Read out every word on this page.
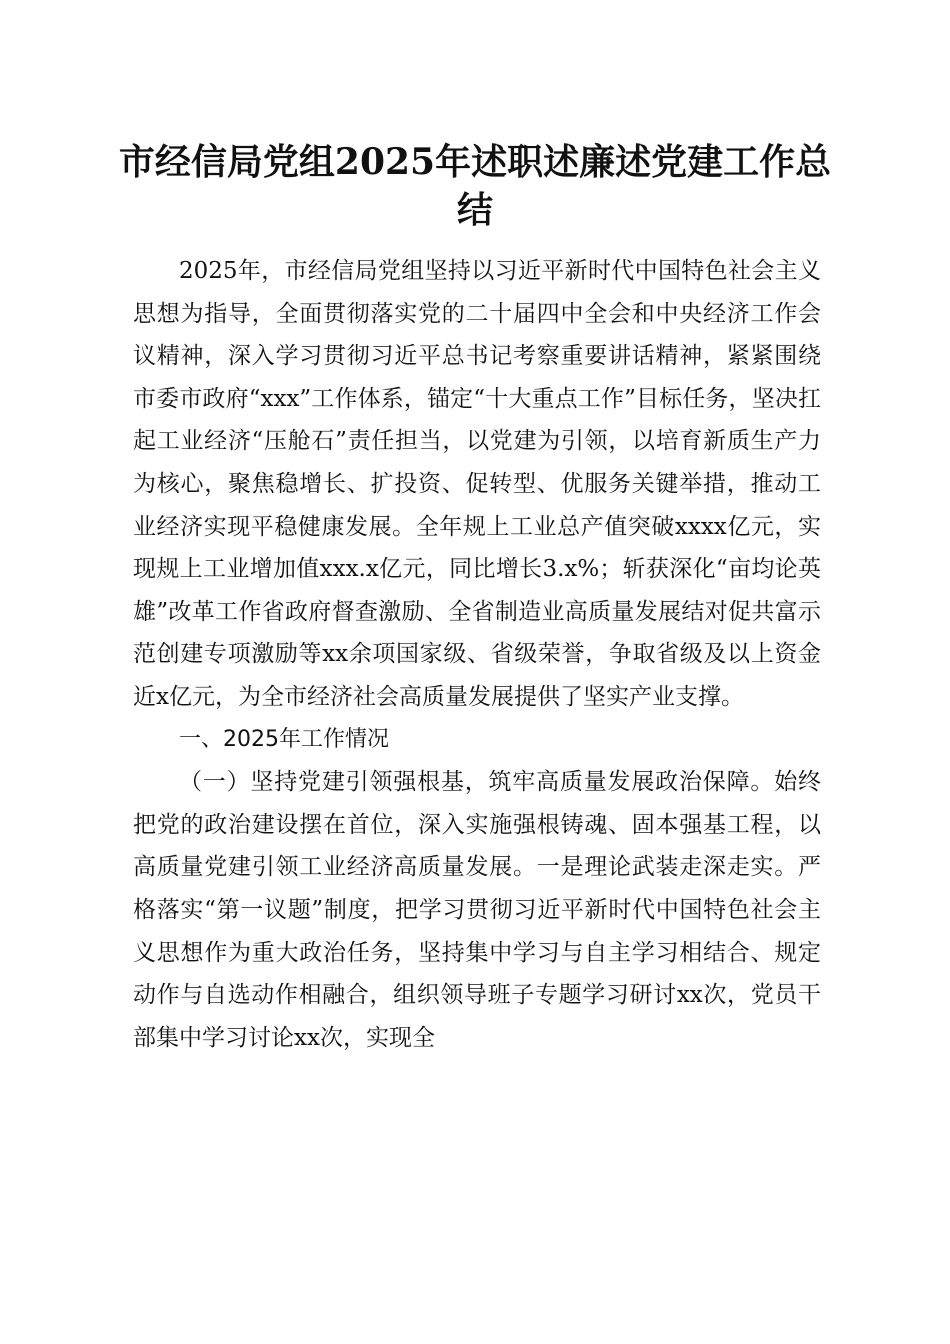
市经信局党组2025年述职述廉述党建工作总结

2025年，市经信局党组坚持以习近平新时代中国特色社会主义思想为指导，全面贯彻落实党的二十届四中全会和中央经济工作会议精神，深入学习贯彻习近平总书记考察重要讲话精神，紧紧围绕市委市政府“xxx”工作体系，锚定“十大重点工作”目标任务，坚决扛起工业经济“压舱石”责任担当，以党建为引领，以培育新质生产力为核心，聚焦稳增长、扩投资、促转型、优服务关键举措，推动工业经济实现平稳健康发展。全年规上工业总产值突破xxxx亿元，实现规上工业增加值xxx.x亿元，同比增长3.x%；斩获深化“亩均论英雄”改革工作省政府督查激励、全省制造业高质量发展结对促共富示范创建专项激励等xx余项国家级、省级荣誉，争取省级及以上资金近x亿元，为全市经济社会高质量发展提供了坚实产业支撑。

一、2025年工作情况

（一）坚持党建引领强根基，筑牢高质量发展政治保障。始终把党的政治建设摆在首位，深入实施强根铸魂、固本强基工程，以高质量党建引领工业经济高质量发展。一是理论武装走深走实。严格落实“第一议题”制度，把学习贯彻习近平新时代中国特色社会主义思想作为重大政治任务，坚持集中学习与自主学习相结合、规定动作与自选动作相融合，组织领导班子专题学习研讨xx次，党员干部集中学习讨论xx次，实现全
